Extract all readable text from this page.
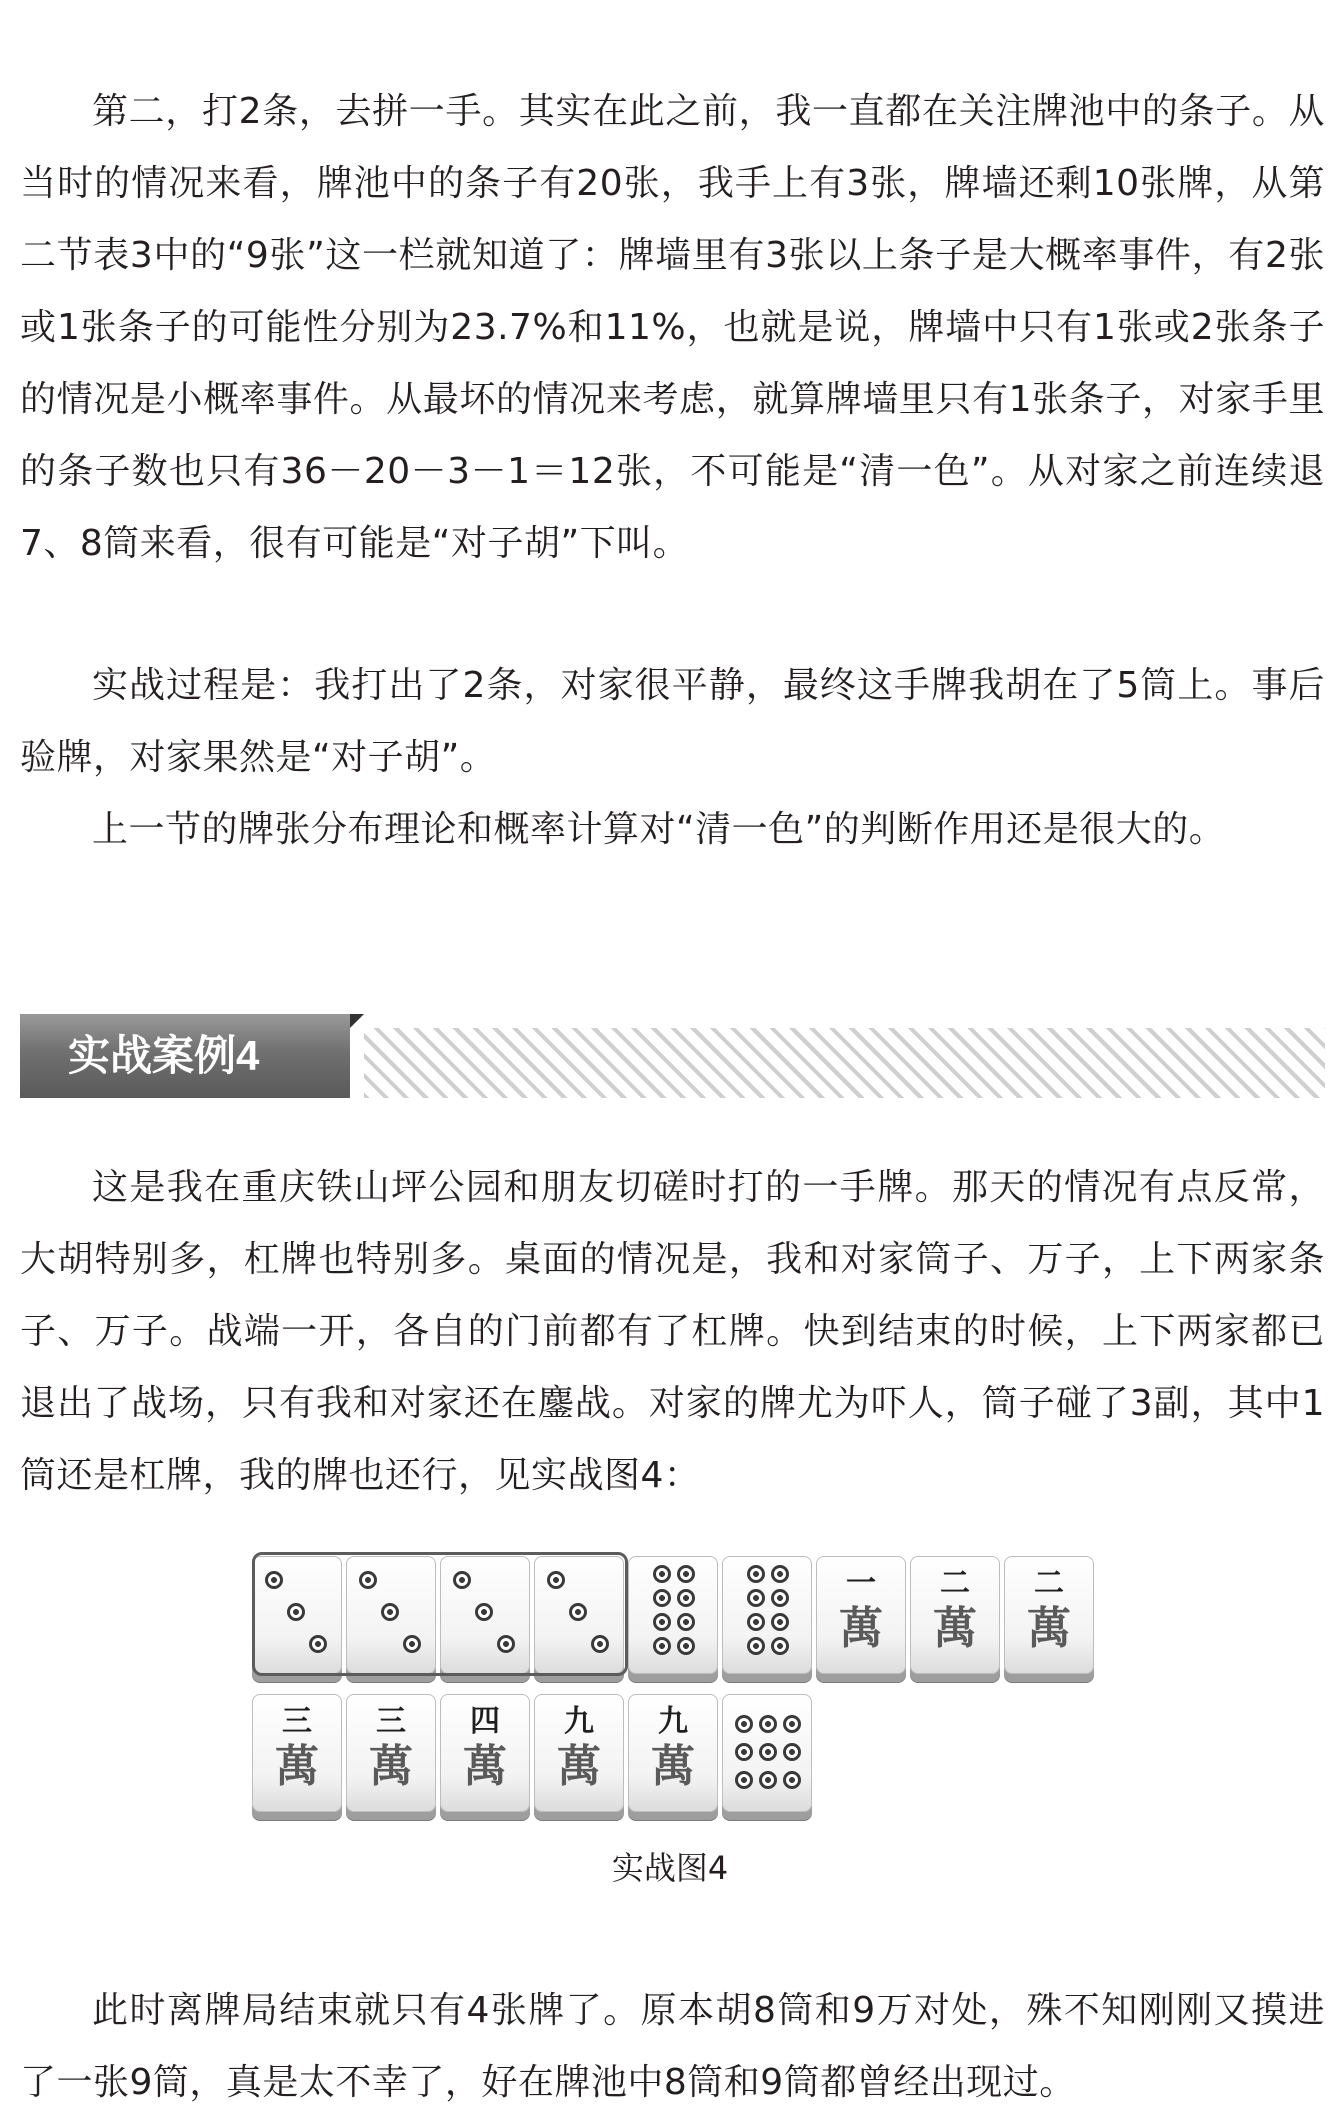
第二，打2条，去拼一手。其实在此之前，我一直都在关注牌池中的条子。从当时的情况来看，牌池中的条子有20张，我手上有3张，牌墙还剩10张牌，从第二节表3中的“9张”这一栏就知道了：牌墙里有3张以上条子是大概率事件，有2张或1张条子的可能性分别为23.7%和11%，也就是说，牌墙中只有1张或2张条子的情况是小概率事件。从最坏的情况来考虑，就算牌墙里只有1张条子，对家手里的条子数也只有36－20－3－1＝12张，不可能是“清一色”。从对家之前连续退7、8筒来看，很有可能是“对子胡”下叫。

实战过程是：我打出了2条，对家很平静，最终这手牌我胡在了5筒上。事后验牌，对家果然是“对子胡”。

上一节的牌张分布理论和概率计算对“清一色”的判断作用还是很大的。

实战案例4

这是我在重庆铁山坪公园和朋友切磋时打的一手牌。那天的情况有点反常，大胡特别多，杠牌也特别多。桌面的情况是，我和对家筒子、万子，上下两家条子、万子。战端一开，各自的门前都有了杠牌。快到结束的时候，上下两家都已退出了战场，只有我和对家还在鏖战。对家的牌尤为吓人，筒子碰了3副，其中1筒还是杠牌，我的牌也还行，见实战图4：

一
萬
二
萬
二
萬
三
萬
三
萬
四
萬
九
萬
九
萬
实战图4

此时离牌局结束就只有4张牌了。原本胡8筒和9万对处，殊不知刚刚又摸进了一张9筒，真是太不幸了，好在牌池中8筒和9筒都曾经出现过。
